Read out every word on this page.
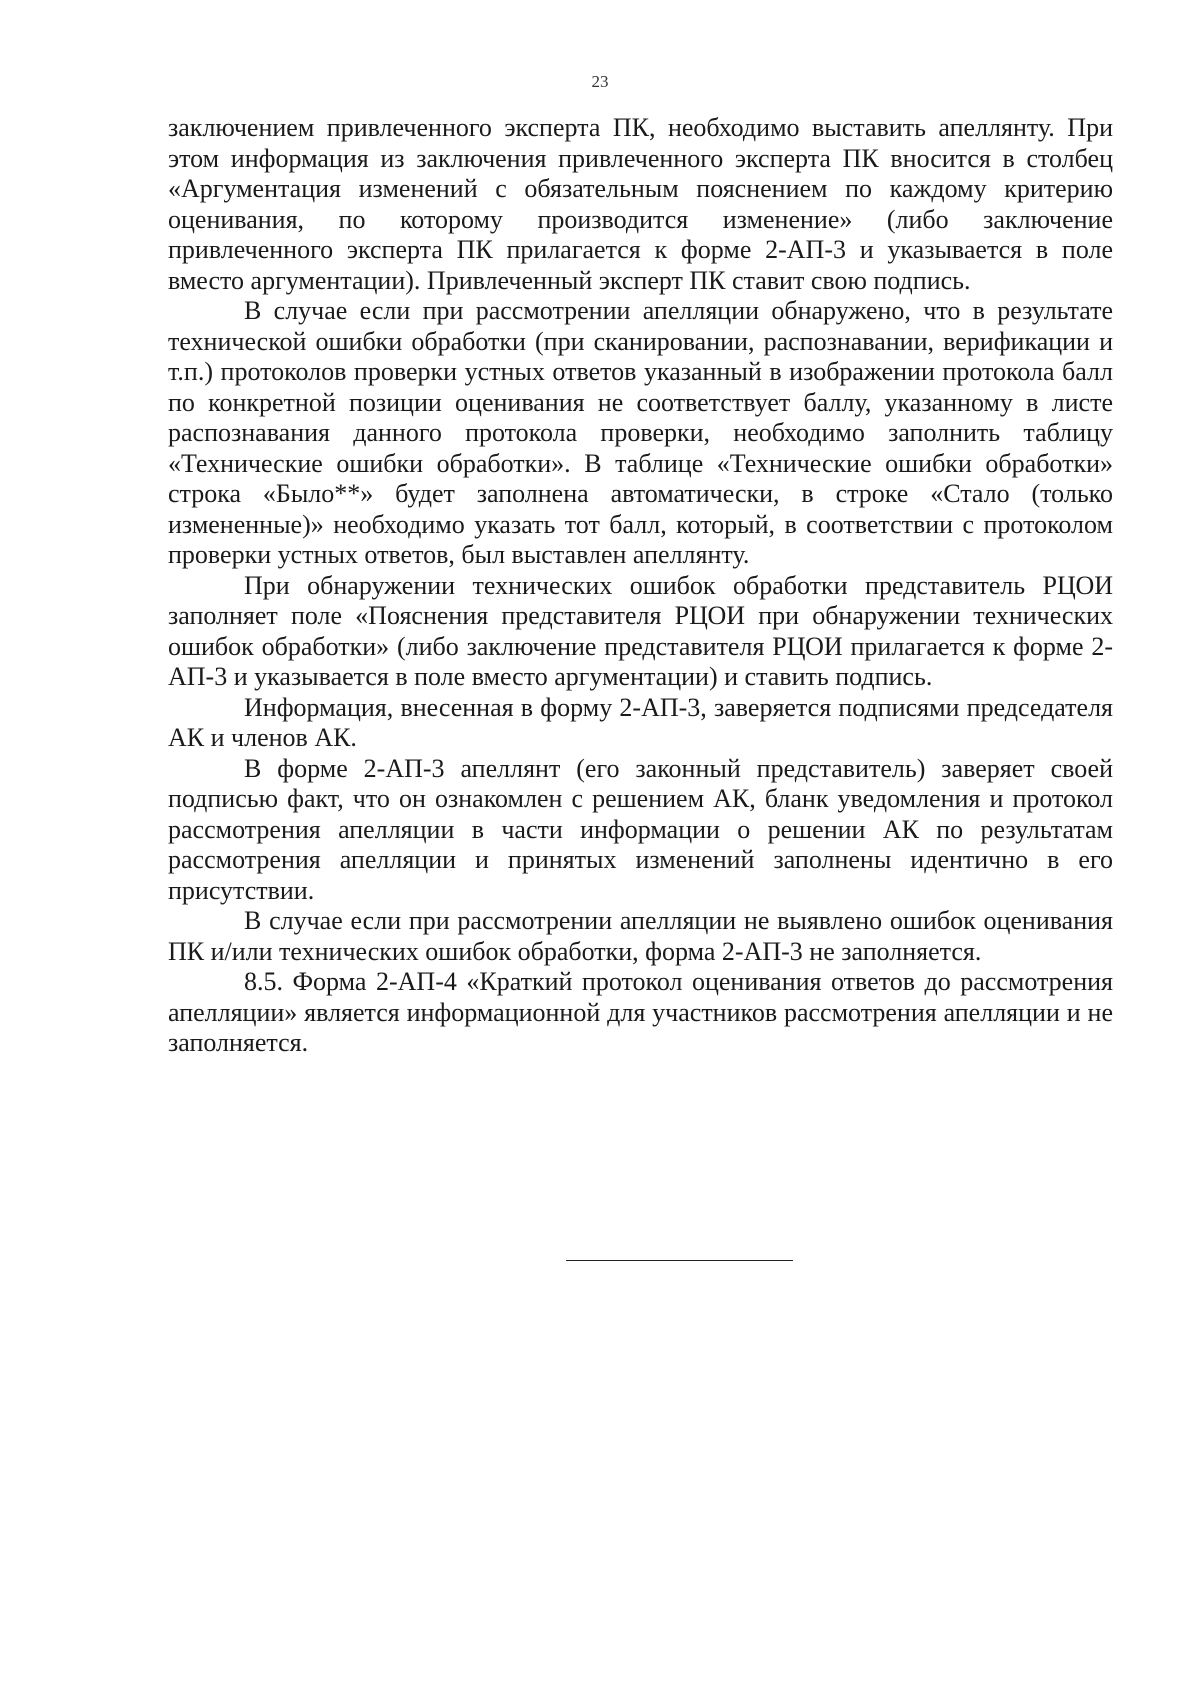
23

заключением привлеченного эксперта ПК, необходимо выставить апеллянту. При этом информация из заключения привлеченного эксперта ПК вносится в столбец «Аргументация изменений с обязательным пояснением по каждому критерию оценивания, по которому производится изменение» (либо заключение привлеченного эксперта ПК прилагается к форме 2-АП-3 и указывается в поле вместо аргументации). Привлеченный эксперт ПК ставит свою подпись.

В случае если при рассмотрении апелляции обнаружено, что в результате технической ошибки обработки (при сканировании, распознавании, верификации и т.п.) протоколов проверки устных ответов указанный в изображении протокола балл по конкретной позиции оценивания не соответствует баллу, указанному в листе распознавания данного протокола проверки, необходимо заполнить таблицу «Технические ошибки обработки». В таблице «Технические ошибки обработки» строка «Было**» будет заполнена автоматически, в строке «Стало (только измененные)» необходимо указать тот балл, который, в соответствии с протоколом проверки устных ответов, был выставлен апеллянту.

При обнаружении технических ошибок обработки представитель РЦОИ заполняет поле «Пояснения представителя РЦОИ при обнаружении технических ошибок обработки» (либо заключение представителя РЦОИ прилагается к форме 2-АП-3 и указывается в поле вместо аргументации) и ставить подпись.

Информация, внесенная в форму 2-АП-3, заверяется подписями председателя АК и членов АК.

В форме 2-АП-3 апеллянт (его законный представитель) заверяет своей подписью факт, что он ознакомлен с решением АК, бланк уведомления и протокол рассмотрения апелляции в части информации о решении АК по результатам рассмотрения апелляции и принятых изменений заполнены идентично в его присутствии.

В случае если при рассмотрении апелляции не выявлено ошибок оценивания ПК и/или технических ошибок обработки, форма 2-АП-3 не заполняется.

8.5. Форма 2-АП-4 «Краткий протокол оценивания ответов до рассмотрения апелляции» является информационной для участников рассмотрения апелляции и не заполняется.
